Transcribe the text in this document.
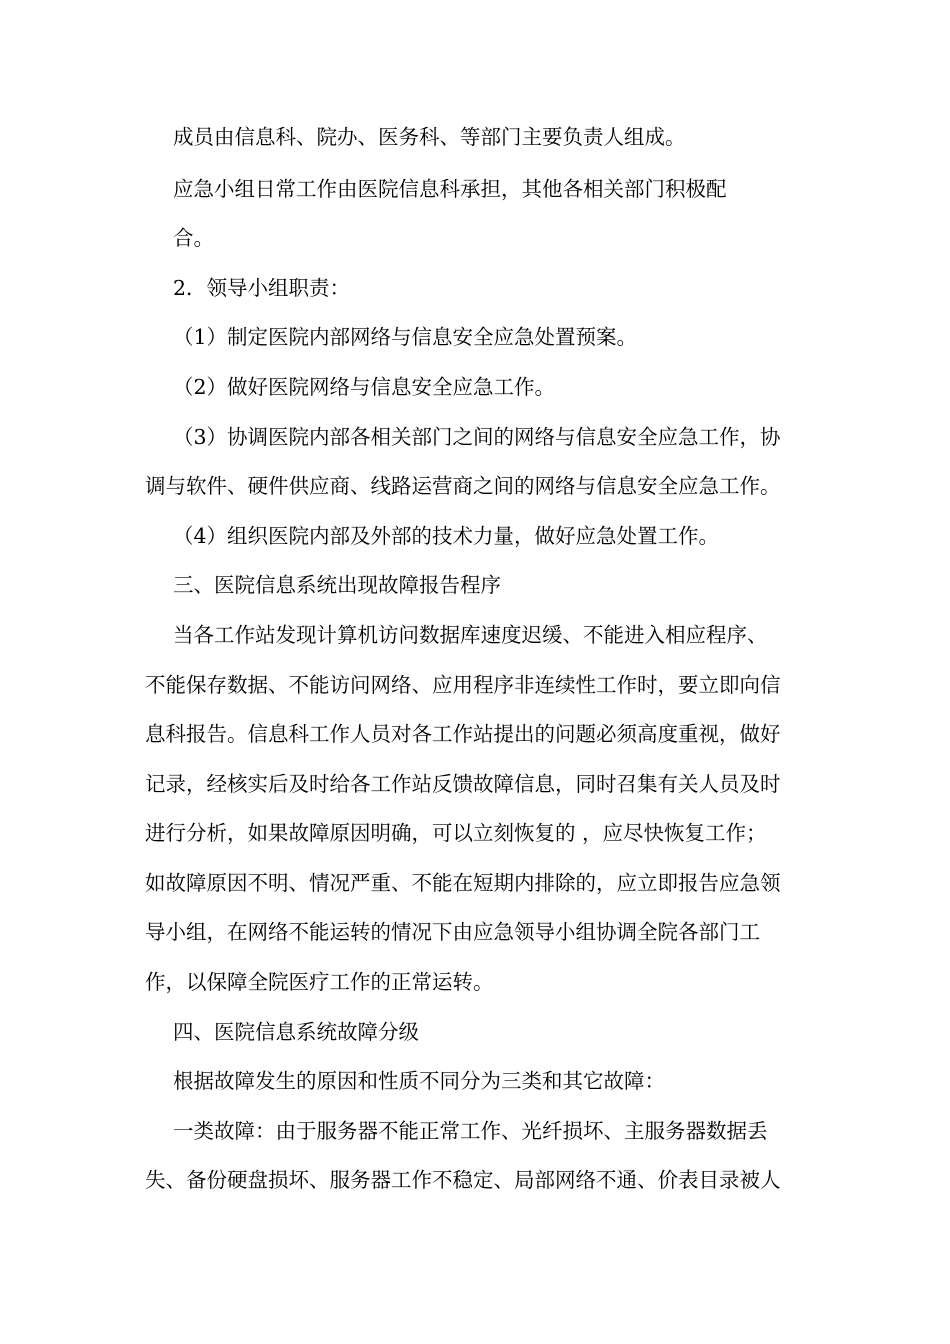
成员由信息科、院办、医务科、等部门主要负责人组成。
应急小组日常工作由医院信息科承担，其他各相关部门积极配
合。
2．领导小组职责：
（1）制定医院内部网络与信息安全应急处置预案。
（2）做好医院网络与信息安全应急工作。
（3）协调医院内部各相关部门之间的网络与信息安全应急工作，协
调与软件、硬件供应商、线路运营商之间的网络与信息安全应急工作。
（4）组织医院内部及外部的技术力量，做好应急处置工作。
三、医院信息系统出现故障报告程序
当各工作站发现计算机访问数据库速度迟缓、不能进入相应程序、
不能保存数据、不能访问网络、应用程序非连续性工作时，要立即向信
息科报告。信息科工作人员对各工作站提出的问题必须高度重视，做好
记录，经核实后及时给各工作站反馈故障信息，同时召集有关人员及时
进行分析，如果故障原因明确，可以立刻恢复的 ，应尽快恢复工作；
如故障原因不明、情况严重、不能在短期内排除的，应立即报告应急领
导小组，在网络不能运转的情况下由应急领导小组协调全院各部门工
作，以保障全院医疗工作的正常运转。
四、医院信息系统故障分级
根据故障发生的原因和性质不同分为三类和其它故障：
一类故障：由于服务器不能正常工作、光纤损坏、主服务器数据丢
失、备份硬盘损坏、服务器工作不稳定、局部网络不通、价表目录被人
